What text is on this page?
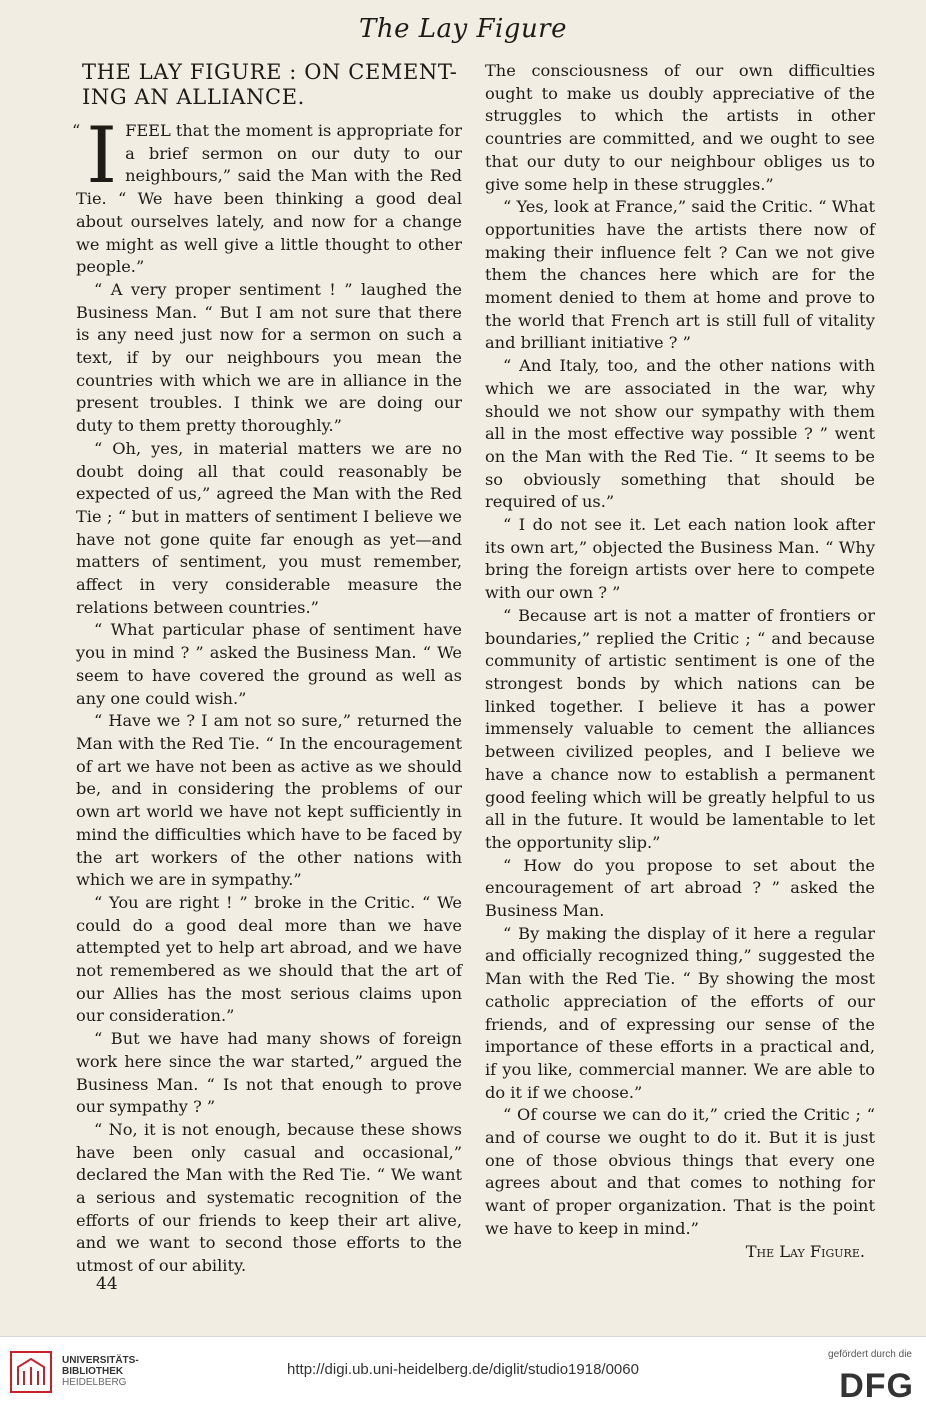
The Lay Figure
THE LAY FIGURE : ON CEMENT-ING AN ALLIANCE.

“ I FEEL that the moment is appropriate for a brief sermon on our duty to our neighbours,” said the Man with the Red Tie. “ We have been thinking a good deal about ourselves lately, and now for a change we might as well give a little thought to other people.”

“ A very proper sentiment ! ” laughed the Business Man. “ But I am not sure that there is any need just now for a sermon on such a text, if by our neighbours you mean the countries with which we are in alliance in the present troubles. I think we are doing our duty to them pretty thoroughly.”

“ Oh, yes, in material matters we are no doubt doing all that could reasonably be expected of us,” agreed the Man with the Red Tie ; “ but in matters of sentiment I believe we have not gone quite far enough as yet—and matters of sentiment, you must remember, affect in very considerable measure the relations between countries.”

“ What particular phase of sentiment have you in mind ? ” asked the Business Man. “ We seem to have covered the ground as well as any one could wish.”

“ Have we ? I am not so sure,” returned the Man with the Red Tie. “ In the encouragement of art we have not been as active as we should be, and in considering the problems of our own art world we have not kept sufficiently in mind the difficulties which have to be faced by the art workers of the other nations with which we are in sympathy.”

“ You are right ! ” broke in the Critic. “ We could do a good deal more than we have attempted yet to help art abroad, and we have not remembered as we should that the art of our Allies has the most serious claims upon our consideration.”

“ But we have had many shows of foreign work here since the war started,” argued the Business Man. “ Is not that enough to prove our sympathy ? ”

“ No, it is not enough, because these shows have been only casual and occasional,” declared the Man with the Red Tie. “ We want a serious and systematic recognition of the efforts of our friends to keep their art alive, and we want to second those efforts to the utmost of our ability.

The consciousness of our own difficulties ought to make us doubly appreciative of the struggles to which the artists in other countries are committed, and we ought to see that our duty to our neighbour obliges us to give some help in these struggles.”

“ Yes, look at France,” said the Critic. “ What opportunities have the artists there now of making their influence felt ? Can we not give them the chances here which are for the moment denied to them at home and prove to the world that French art is still full of vitality and brilliant initiative ? ”

“ And Italy, too, and the other nations with which we are associated in the war, why should we not show our sympathy with them all in the most effective way possible ? ” went on the Man with the Red Tie. “ It seems to be so obviously something that should be required of us.”

“ I do not see it. Let each nation look after its own art,” objected the Business Man. “ Why bring the foreign artists over here to compete with our own ? ”

“ Because art is not a matter of frontiers or boundaries,” replied the Critic ; “ and because community of artistic sentiment is one of the strongest bonds by which nations can be linked together. I believe it has a power immensely valuable to cement the alliances between civilized peoples, and I believe we have a chance now to establish a permanent good feeling which will be greatly helpful to us all in the future. It would be lamentable to let the opportunity slip.”

“ How do you propose to set about the encouragement of art abroad ? ” asked the Business Man.

“ By making the display of it here a regular and officially recognized thing,” suggested the Man with the Red Tie. “ By showing the most catholic appreciation of the efforts of our friends, and of expressing our sense of the importance of these efforts in a practical and, if you like, commercial manner. We are able to do it if we choose.”

“ Of course we can do it,” cried the Critic ; “ and of course we ought to do it. But it is just one of those obvious things that every one agrees about and that comes to nothing for want of proper organization. That is the point we have to keep in mind.”

The Lay Figure.
44
UNIVERSITÄTS-
BIBLIOTHEK
HEIDELBERG
http://digi.ub.uni-heidelberg.de/diglit/studio1918/0060
gefördert durch die
DFG
